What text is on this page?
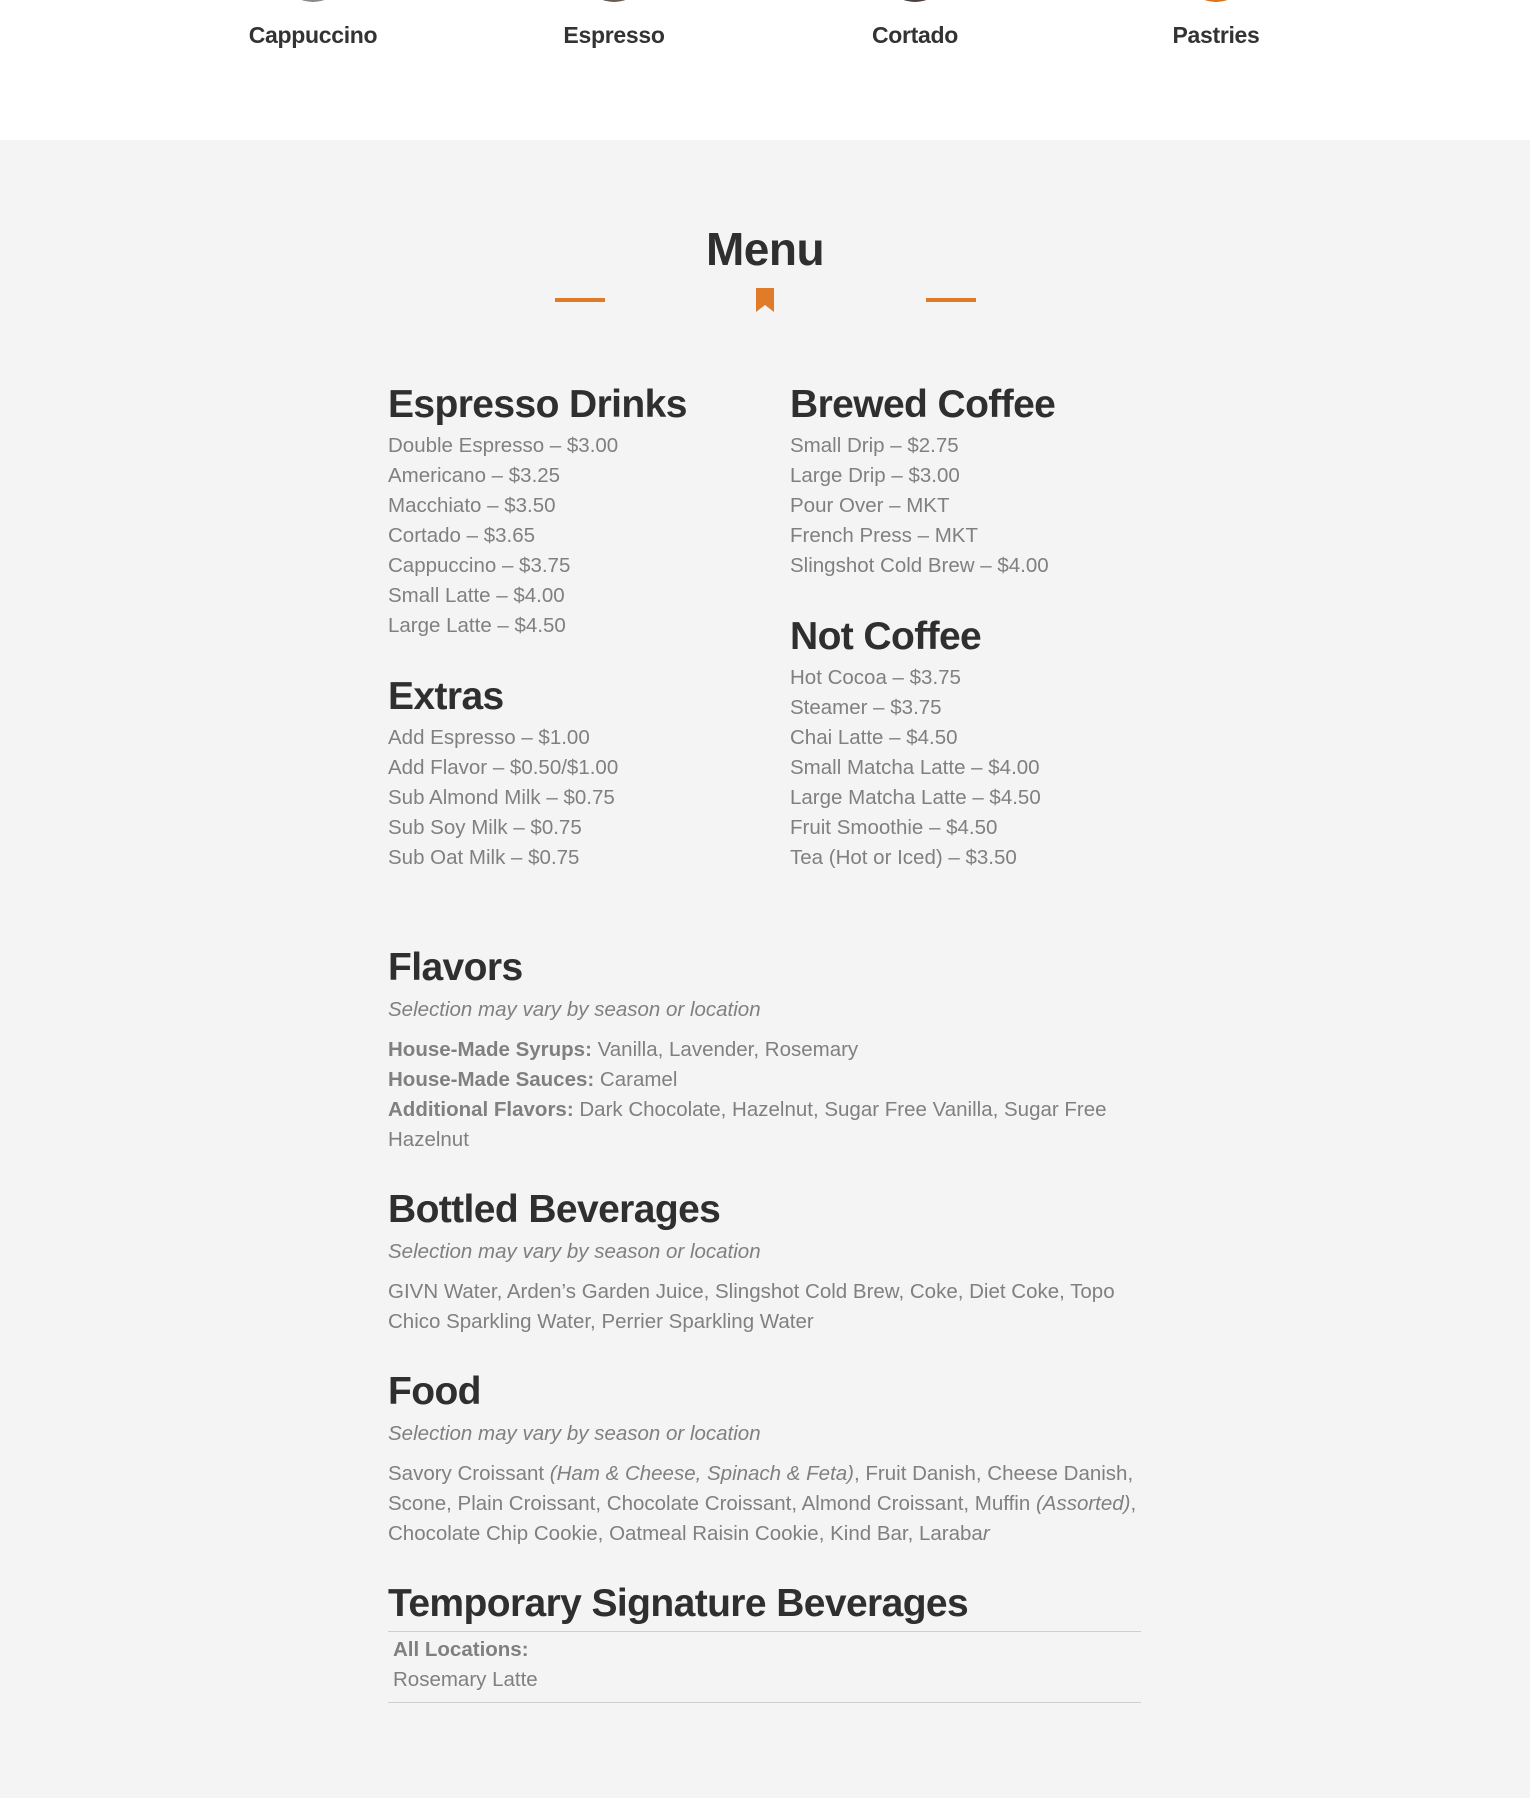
Cappuccino	Espresso	Cortado	Pastries
Menu
Espresso Drinks
Double Espresso – $3.00
Americano – $3.25
Macchiato – $3.50
Cortado – $3.65
Cappuccino – $3.75
Small Latte – $4.00
Large Latte – $4.50
Brewed Coffee
Small Drip – $2.75
Large Drip – $3.00
Pour Over – MKT
French Press – MKT
Slingshot Cold Brew – $4.00
Extras
Add Espresso – $1.00
Add Flavor – $0.50/$1.00
Sub Almond Milk – $0.75
Sub Soy Milk – $0.75
Sub Oat Milk – $0.75
Not Coffee
Hot Cocoa – $3.75
Steamer – $3.75
Chai Latte – $4.50
Small Matcha Latte – $4.00
Large Matcha Latte – $4.50
Fruit Smoothie – $4.50
Tea (Hot or Iced) – $3.50
Flavors

Selection may vary by season or location

House-Made Syrups: Vanilla, Lavender, Rosemary

House-Made Sauces: Caramel

Additional Flavors: Dark Chocolate, Hazelnut, Sugar Free Vanilla, Sugar Free Hazelnut

Bottled Beverages

Selection may vary by season or location

GIVN Water, Arden’s Garden Juice, Slingshot Cold Brew, Coke, Diet Coke, Topo Chico Sparkling Water, Perrier Sparkling Water

Food

Selection may vary by season or location

Savory Croissant (Ham & Cheese, Spinach & Feta), Fruit Danish, Cheese Danish, Scone, Plain Croissant, Chocolate Croissant, Almond Croissant, Muffin (Assorted), Chocolate Chip Cookie, Oatmeal Raisin Cookie, Kind Bar, Larabar

Temporary Signature Beverages
All Locations:
Rosemary Latte
